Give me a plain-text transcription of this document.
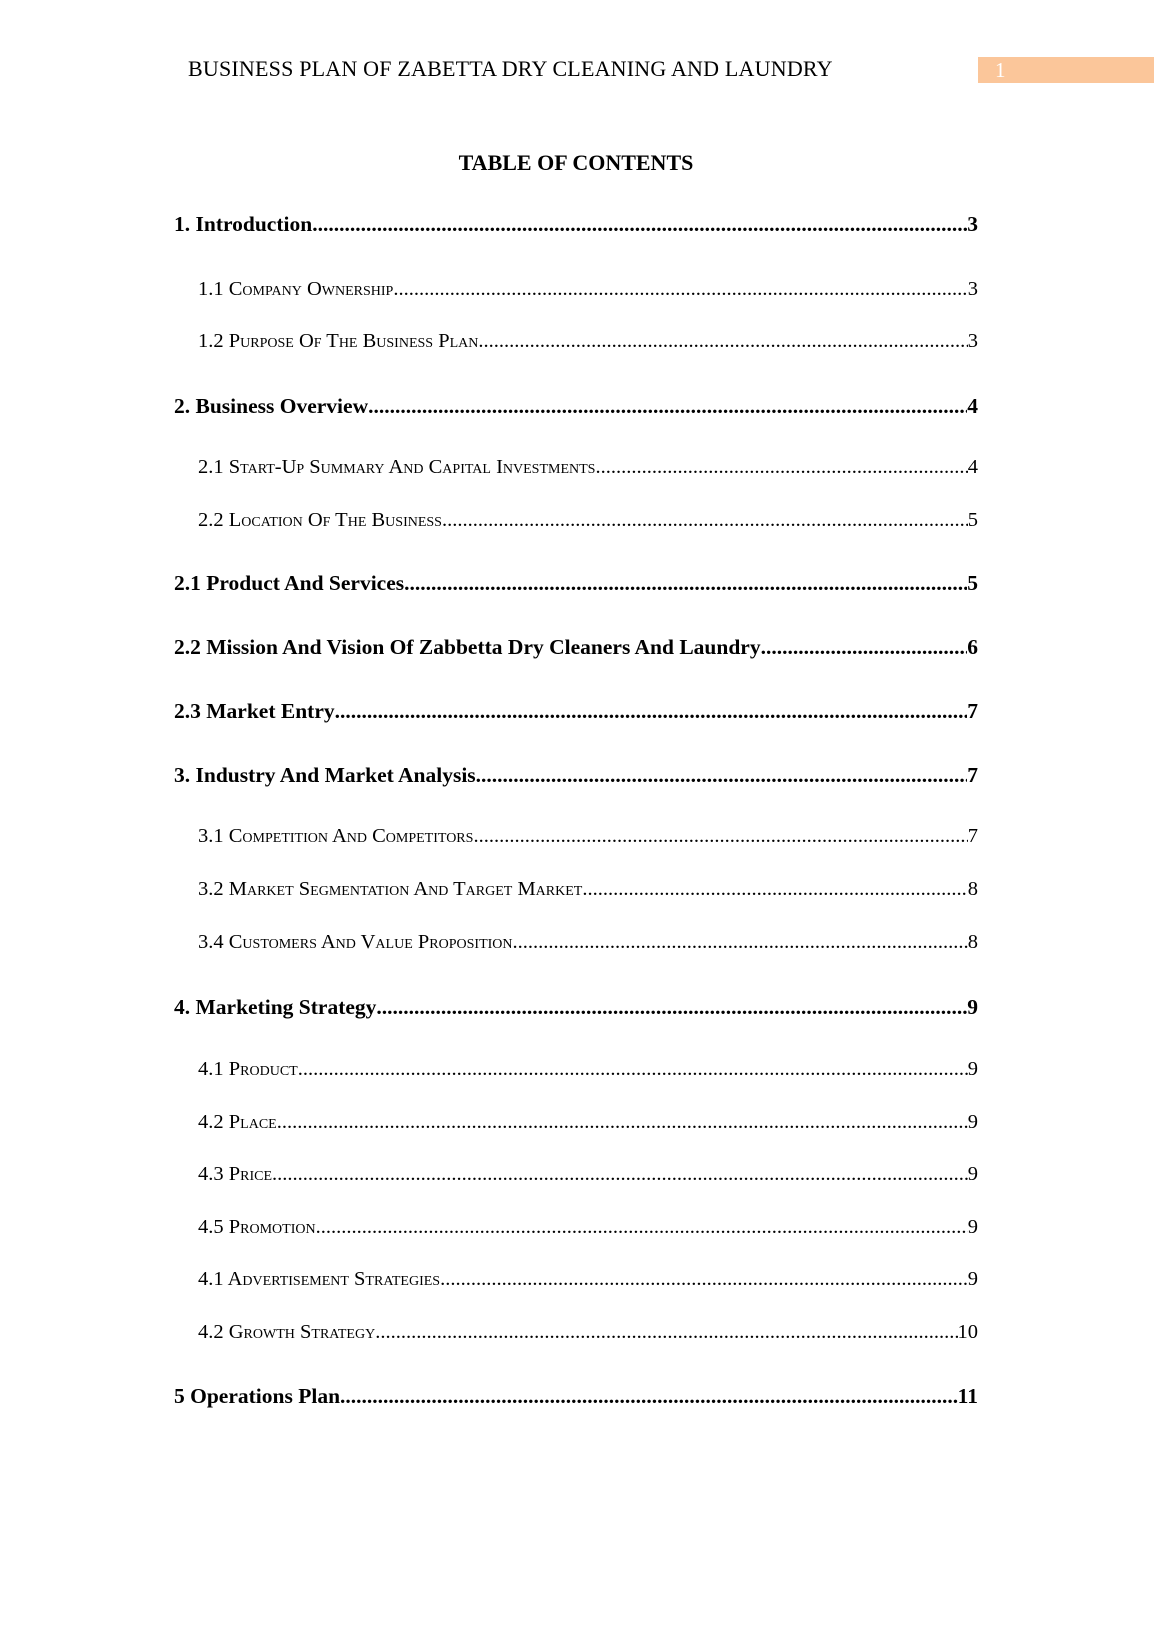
BUSINESS PLAN OF ZABETTA DRY CLEANING AND LAUNDRY	1
TABLE OF CONTENTS
1. Introduction .....	3
1.1 Company Ownership .....	3
1.2 Purpose Of The Business Plan .....	3
2. Business Overview .....	4
2.1 Start-Up Summary And Capital Investments .....	4
2.2 Location Of The Business .....	5
2.1 Product And Services .....	5
2.2 Mission And Vision Of Zabbetta Dry Cleaners And Laundry .....	6
2.3 Market Entry .....	7
3. Industry And Market Analysis .....	7
3.1 Competition And Competitors .....	7
3.2 Market Segmentation And Target Market .....	8
3.4 Customers And Value Proposition .....	8
4. Marketing Strategy .....	9
4.1 Product .....	9
4.2 Place .....	9
4.3 Price .....	9
4.5 Promotion .....	9
4.1 Advertisement Strategies .....	9
4.2 Growth Strategy .....	10
5 Operations Plan .....	11
